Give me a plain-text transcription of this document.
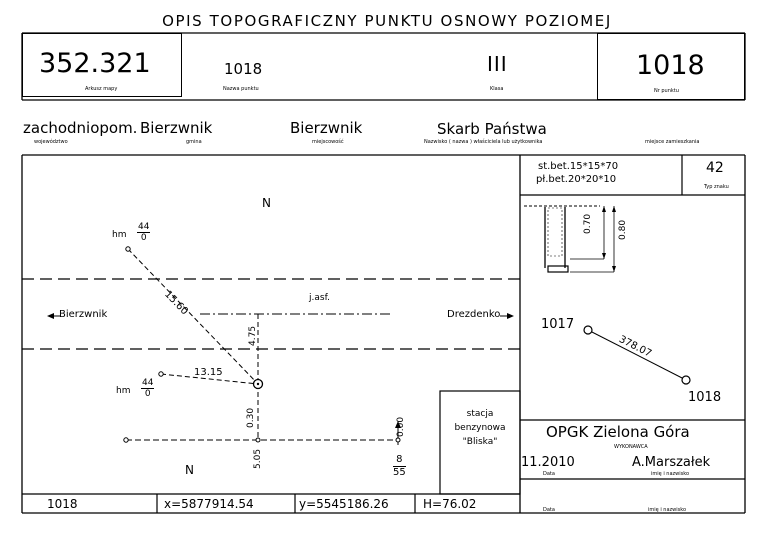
OPIS TOPOGRAFICZNY PUNKTU OSNOWY POZIOMEJ
352.321
Arkusz mapy
1018
Nazwa punktu
III
Klasa
1018
Nr punktu
zachodniopom.
województwo
Bierzwnik
gmina
Bierzwnik
miejscowość
Skarb Państwa
Nazwisko ( nazwa ) właściciela lub użytkownika	miejsce zamieszkania
st.bet.15*15*70
pł.bet.20*20*10
42
Typ znaku
0.70	0.80
N
N
hm $\frac{44}{0}$
hm $\frac{44}{0}$
j.asf.
Bierzwnik	Drezdenko
15.60
13.15
4.75
0.30
5.05
0.00
$\frac{8}{55}$
stacja
benzynowa
"Bliska"
1017
1018
378.07
OPGK Zielona Góra
WYKONAWCA
11.2010
Data
A.Marszałek
imię i nazwisko
Data	imię i nazwisko
1018	x=5877914.54	y=5545186.26	H=76.02
